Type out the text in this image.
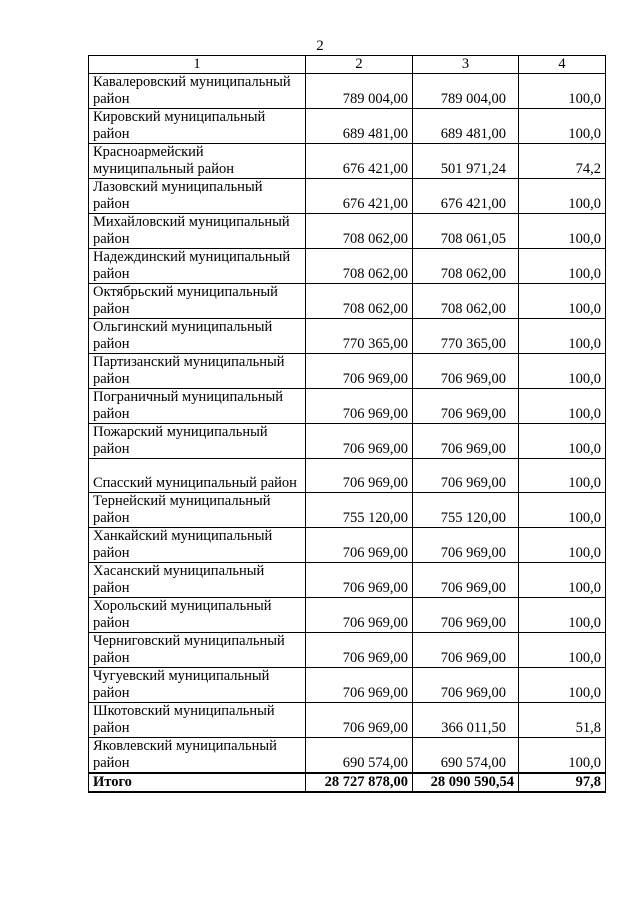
2
1	2	3	4
Кавалеровский муниципальный район	789 004,00	789 004,00	100,0
Кировский муниципальный район	689 481,00	689 481,00	100,0
Красноармейский муниципальный район	676 421,00	501 971,24	74,2
Лазовский муниципальный район	676 421,00	676 421,00	100,0
Михайловский муниципальный район	708 062,00	708 061,05	100,0
Надеждинский муниципальный район	708 062,00	708 062,00	100,0
Октябрьский муниципальный район	708 062,00	708 062,00	100,0
Ольгинский муниципальный район	770 365,00	770 365,00	100,0
Партизанский муниципальный район	706 969,00	706 969,00	100,0
Пограничный муниципальный район	706 969,00	706 969,00	100,0
Пожарский муниципальный район	706 969,00	706 969,00	100,0
Спасский муниципальный район	706 969,00	706 969,00	100,0
Тернейский муниципальный район	755 120,00	755 120,00	100,0
Ханкайский муниципальный район	706 969,00	706 969,00	100,0
Хасанский муниципальный район	706 969,00	706 969,00	100,0
Хорольский муниципальный район	706 969,00	706 969,00	100,0
Черниговский муниципальный район	706 969,00	706 969,00	100,0
Чугуевский муниципальный район	706 969,00	706 969,00	100,0
Шкотовский муниципальный район	706 969,00	366 011,50	51,8
Яковлевский муниципальный район	690 574,00	690 574,00	100,0
Итого	28 727 878,00	28 090 590,54	97,8
